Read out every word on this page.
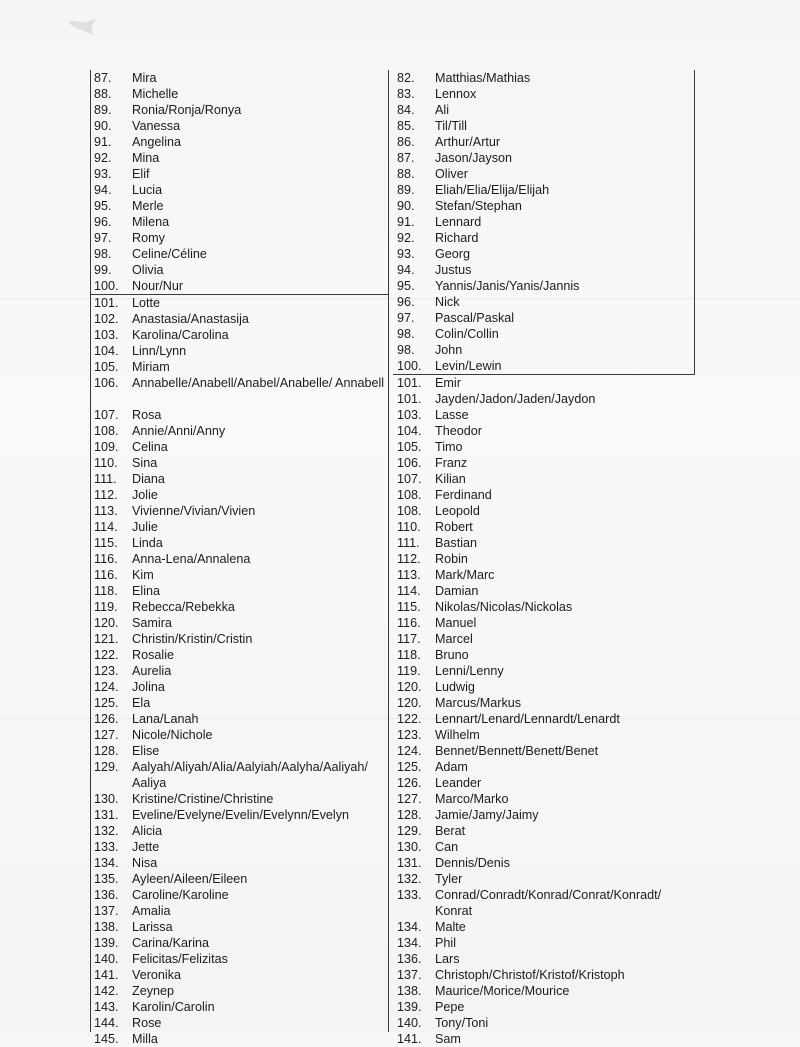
87. Mira
88. Michelle
89. Ronia/Ronja/Ronya
90. Vanessa
91. Angelina
92. Mina
93. Elif
94. Lucia
95. Merle
96. Milena
97. Romy
98. Celine/Céline
99. Olivia
100. Nour/Nur
101. Lotte
102. Anastasia/Anastasija
103. Karolina/Carolina
104. Linn/Lynn
105. Miriam
106. Annabelle/Anabell/Anabel/Anabelle/ Annabell
107. Rosa
108. Annie/Anni/Anny
109. Celina
110. Sina
111. Diana
112. Jolie
113. Vivienne/Vivian/Vivien
114. Julie
115. Linda
116. Anna-Lena/Annalena
116. Kim
118. Elina
119. Rebecca/Rebekka
120. Samira
121. Christin/Kristin/Cristin
122. Rosalie
123. Aurelia
124. Jolina
125. Ela
126. Lana/Lanah
127. Nicole/Nichole
128. Elise
129. Aalyah/Aliyah/Alia/Aalyiah/Aalyha/Aaliyah/ Aaliya
130. Kristine/Cristine/Christine
131. Eveline/Evelyne/Evelin/Evelynn/Evelyn
132. Alicia
133. Jette
134. Nisa
135. Ayleen/Aileen/Eileen
136. Caroline/Karoline
137. Amalia
138. Larissa
139. Carina/Karina
140. Felicitas/Felizitas
141. Veronika
142. Zeynep
143. Karolin/Carolin
144. Rose
145. Milla
82. Matthias/Mathias
83. Lennox
84. Ali
85. Til/Till
86. Arthur/Artur
87. Jason/Jayson
88. Oliver
89. Eliah/Elia/Elija/Elijah
90. Stefan/Stephan
91. Lennard
92. Richard
93. Georg
94. Justus
95. Yannis/Janis/Yanis/Jannis
96. Nick
97. Pascal/Paskal
98. Colin/Collin
98. John
100. Levin/Lewin
101. Emir
101. Jayden/Jadon/Jaden/Jaydon
103. Lasse
104. Theodor
105. Timo
106. Franz
107. Kilian
108. Ferdinand
108. Leopold
110. Robert
111. Bastian
112. Robin
113. Mark/Marc
114. Damian
115. Nikolas/Nicolas/Nickolas
116. Manuel
117. Marcel
118. Bruno
119. Lenni/Lenny
120. Ludwig
120. Marcus/Markus
122. Lennart/Lenard/Lennardt/Lenardt
123. Wilhelm
124. Bennet/Bennett/Benett/Benet
125. Adam
126. Leander
127. Marco/Marko
128. Jamie/Jamy/Jaimy
129. Berat
130. Can
131. Dennis/Denis
132. Tyler
133. Conrad/Conradt/Konrad/Conrat/Konradt/ Konrat
134. Malte
134. Phil
136. Lars
137. Christoph/Christof/Kristof/Kristoph
138. Maurice/Morice/Mourice
139. Pepe
140. Tony/Toni
141. Sam
